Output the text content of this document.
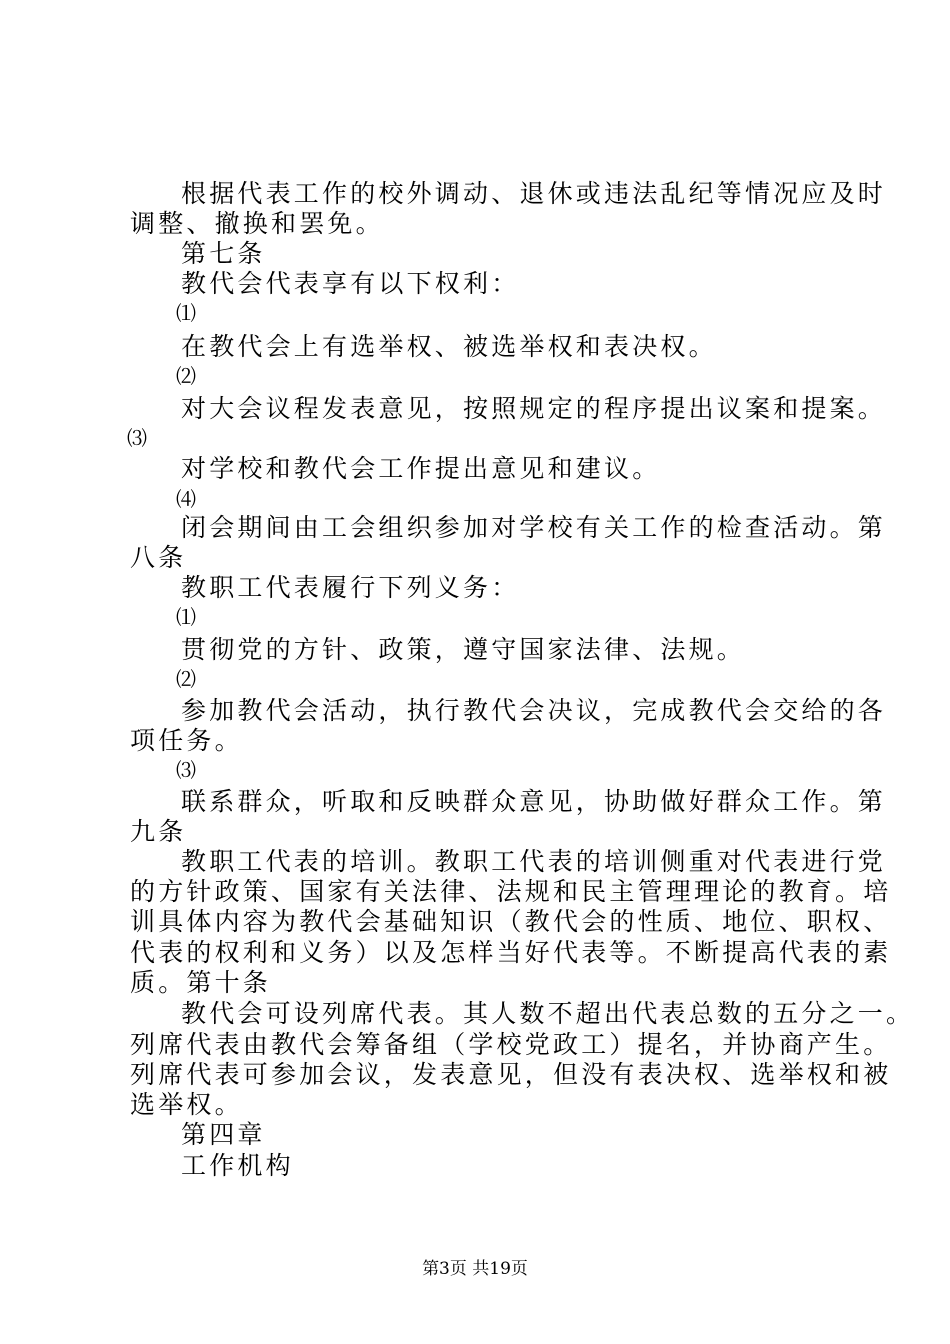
根据代表工作的校外调动、退休或违法乱纪等情况应及时
调整、撤换和罢免。
第七条
教代会代表享有以下权利：
⑴
在教代会上有选举权、被选举权和表决权。
⑵
对大会议程发表意见，按照规定的程序提出议案和提案。
⑶
对学校和教代会工作提出意见和建议。
⑷
闭会期间由工会组织参加对学校有关工作的检查活动。第
八条
教职工代表履行下列义务：
⑴
贯彻党的方针、政策，遵守国家法律、法规。
⑵
参加教代会活动，执行教代会决议，完成教代会交给的各
项任务。
⑶
联系群众，听取和反映群众意见，协助做好群众工作。第
九条
教职工代表的培训。教职工代表的培训侧重对代表进行党
的方针政策、国家有关法律、法规和民主管理理论的教育。培
训具体内容为教代会基础知识（教代会的性质、地位、职权、
代表的权利和义务）以及怎样当好代表等。不断提高代表的素
质。第十条
教代会可设列席代表。其人数不超出代表总数的五分之一。
列席代表由教代会筹备组（学校党政工）提名，并协商产生。
列席代表可参加会议，发表意见，但没有表决权、选举权和被
选举权。
第四章
工作机构
第3页 共19页
